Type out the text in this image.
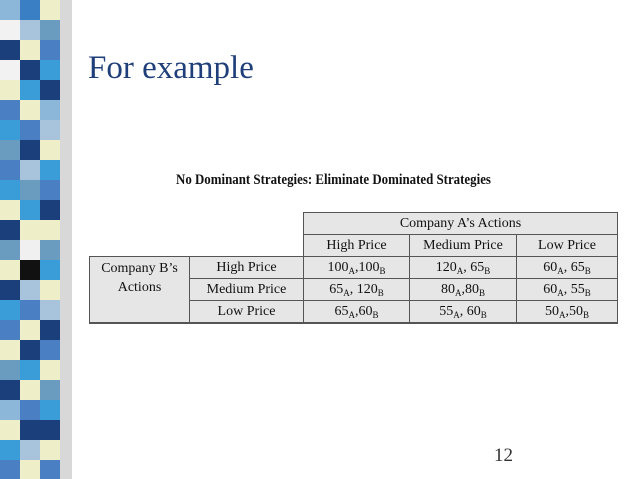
For example
No Dominant Strategies: Eliminate Dominated Strategies
		Company A’s Actions		
		High Price	Medium Price	Low Price

Company B’s
Actions	High Price	$100_A,100_B$	$120_A$, $65_B$	$60_A$, $65_B$
	Medium Price	$65_A$, $120_B$	$80_A,80_B$	$60_A$, $55_B$
	Low Price	$65_A,60_B$	$55_A$, $60_B$	$50_A,50_B$
12
